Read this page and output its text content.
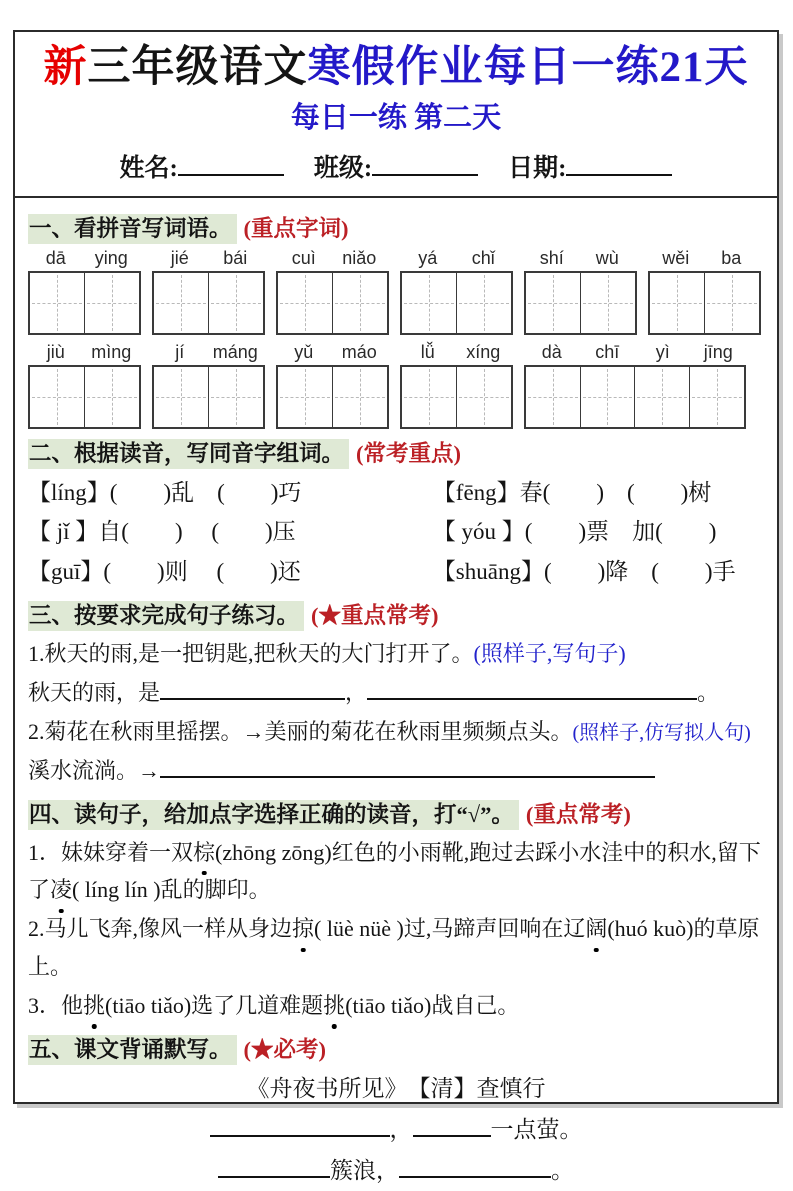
新三年级语文寒假作业每日一练21天
每日一练 第二天
姓名:	班级:	日期:
一、看拼音写词语。 (重点字词)
dā	ying	jié	bái	cuì	niǎo	yá	chǐ	shí	wù	wěi	ba
jiù	mìng	jí	máng	yǔ	máo	lǚ	xíng	dà	chī	yì	jīng
二、根据读音，写同音字组词。 (常考重点)
【líng】(　　)乱　(　　)巧	【fēng】春(　　)　(　　)树
【 jǐ 】自(　　)　 (　　)压	【 yóu 】(　　)票　加(　　)
【guī】(　　)则　 (　　)还	【shuāng】(　　)降　(　　)手
三、按要求完成句子练习。 (★重点常考)
1.秋天的雨,是一把钥匙,把秋天的大门打开了。(照样子,写句子)
秋天的雨，是	，	。
2.菊花在秋雨里摇摆。→美丽的菊花在秋雨里频频点头。(照样子,仿写拟人句)
溪水流淌。→
四、读句子，给加点字选择正确的读音，打“√”。 (重点常考)
1．妹妹穿着一双棕(zhōng zōng)红色的小雨靴,跑过去踩小水洼中的积水,留下了凌( líng lín )乱的脚印。
2.马儿飞奔,像风一样从身边掠( lüè nüè )过,马蹄声回响在辽阔(huó kuò)的草原上。
3．他挑(tiāo tiǎo)选了几道难题挑(tiāo tiǎo)战自己。
五、课文背诵默写。 (★必考)
《舟夜书所见》　【清】查慎行
，	一点萤。
簇浪，	。
